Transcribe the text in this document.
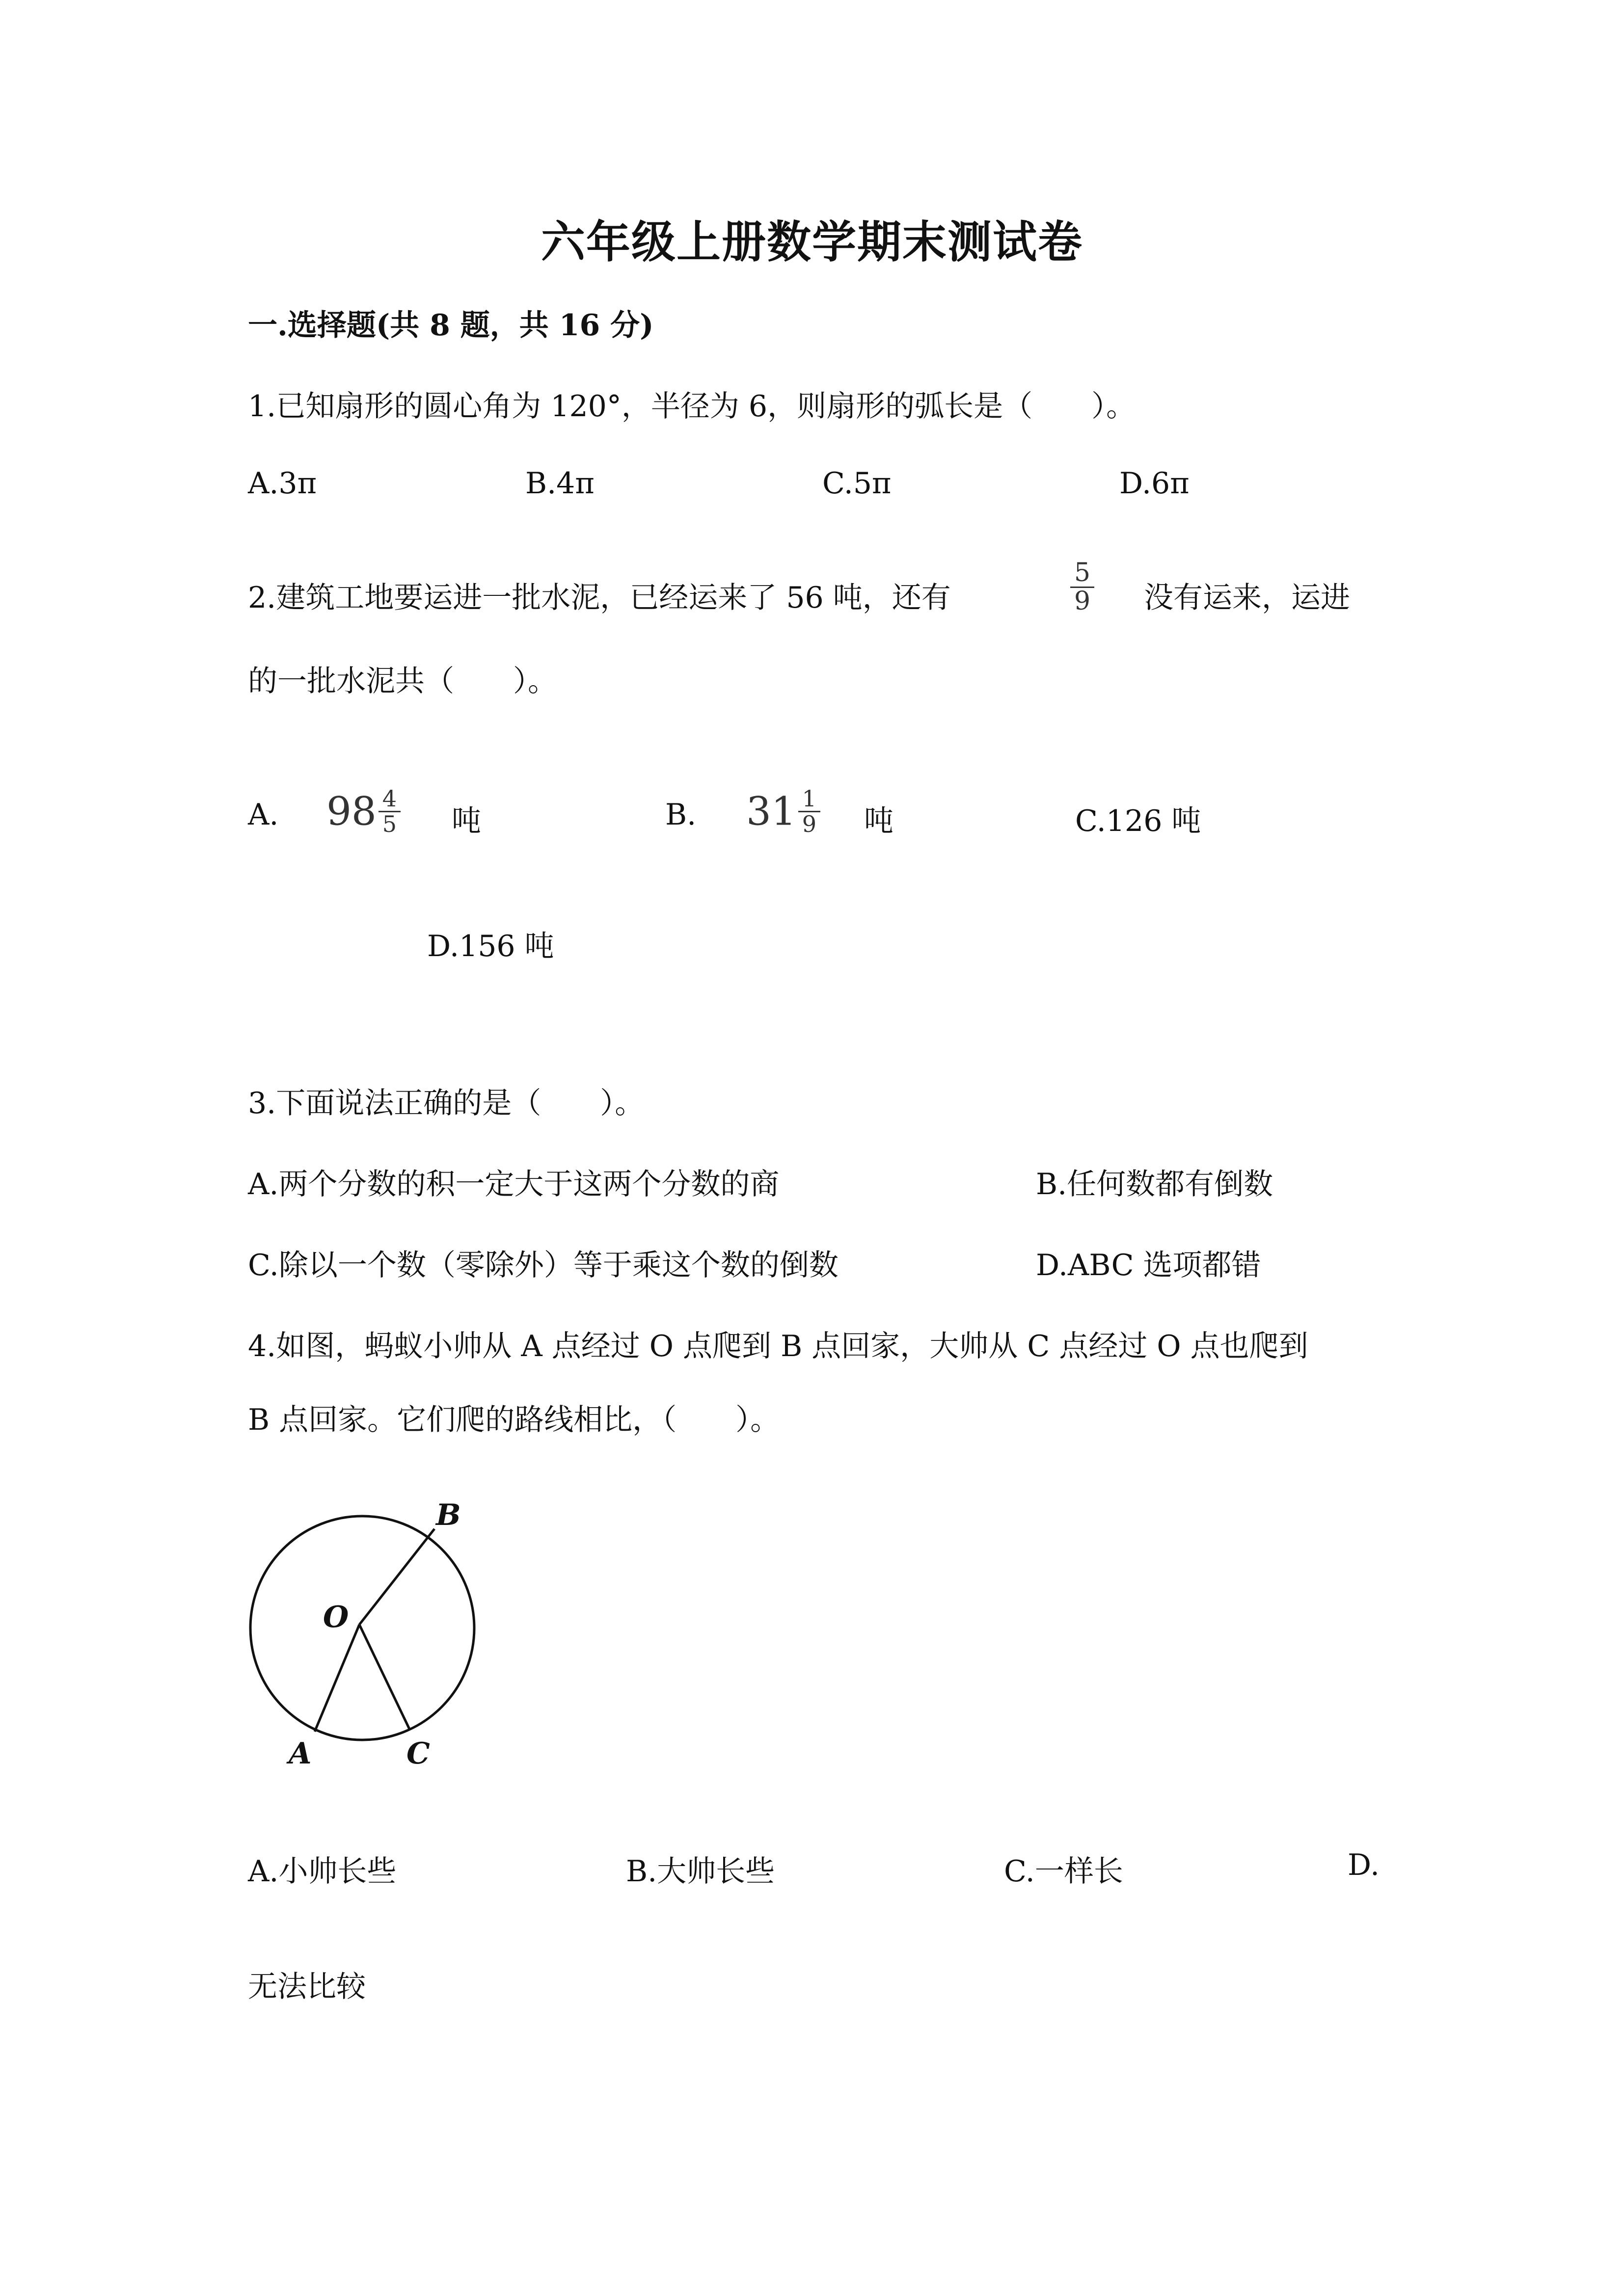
六年级上册数学期末测试卷
一.选择题(共 8 题，共 16 分)
1.已知扇形的圆心角为 120°，半径为 6，则扇形的弧长是（　　）。
A.3π	B.4π	C.5π	D.6π
2.建筑工地要运进一批水泥，已经运来了 56 吨，还有	$\frac{5}{9}$ 没有运来，运进
的一批水泥共（　　）。
A. $98 \frac{4}{5}$ 吨	B. $31 \frac{1}{9}$ 吨	C.126 吨
D.156 吨
3.下面说法正确的是（　　）。
A.两个分数的积一定大于这两个分数的商	B.任何数都有倒数
C.除以一个数（零除外）等于乘这个数的倒数	D.ABC 选项都错
4.如图，蚂蚁小帅从 A 点经过 O 点爬到 B 点回家，大帅从 C 点经过 O 点也爬到
B 点回家。它们爬的路线相比，（　　）。
B
O
A	C
A.小帅长些	B.大帅长些	C.一样长	D.
无法比较
